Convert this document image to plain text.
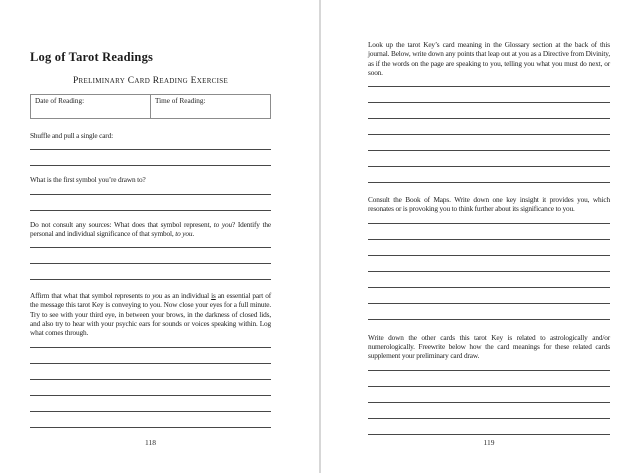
Log of Tarot Readings
Preliminary Card Reading Exercise
Date of Reading:	Time of Reading:

Shuffle and pull a single card:

What is the first symbol you’re drawn to?

Do not consult any sources: What does that symbol represent, to you? Identify the personal and individual significance of that symbol, to you.

Affirm that what that symbol represents to you as an individual is an essential part of the message this tarot Key is conveying to you. Now close your eyes for a full minute. Try to see with your third eye, in between your brows, in the darkness of closed lids, and also try to hear with your psychic ears for sounds or voices speaking within. Log what comes through.

118

Look up the tarot Key’s card meaning in the Glossary section at the back of this journal. Below, write down any points that leap out at you as a Directive from Divinity, as if the words on the page are speaking to you, telling you what you must do next, or soon.

Consult the Book of Maps. Write down one key insight it provides you, which resonates or is provoking you to think further about its significance to you.

Write down the other cards this tarot Key is related to astrologically and/or numerologically. Freewrite below how the card meanings for these related cards supplement your preliminary card draw.

119
